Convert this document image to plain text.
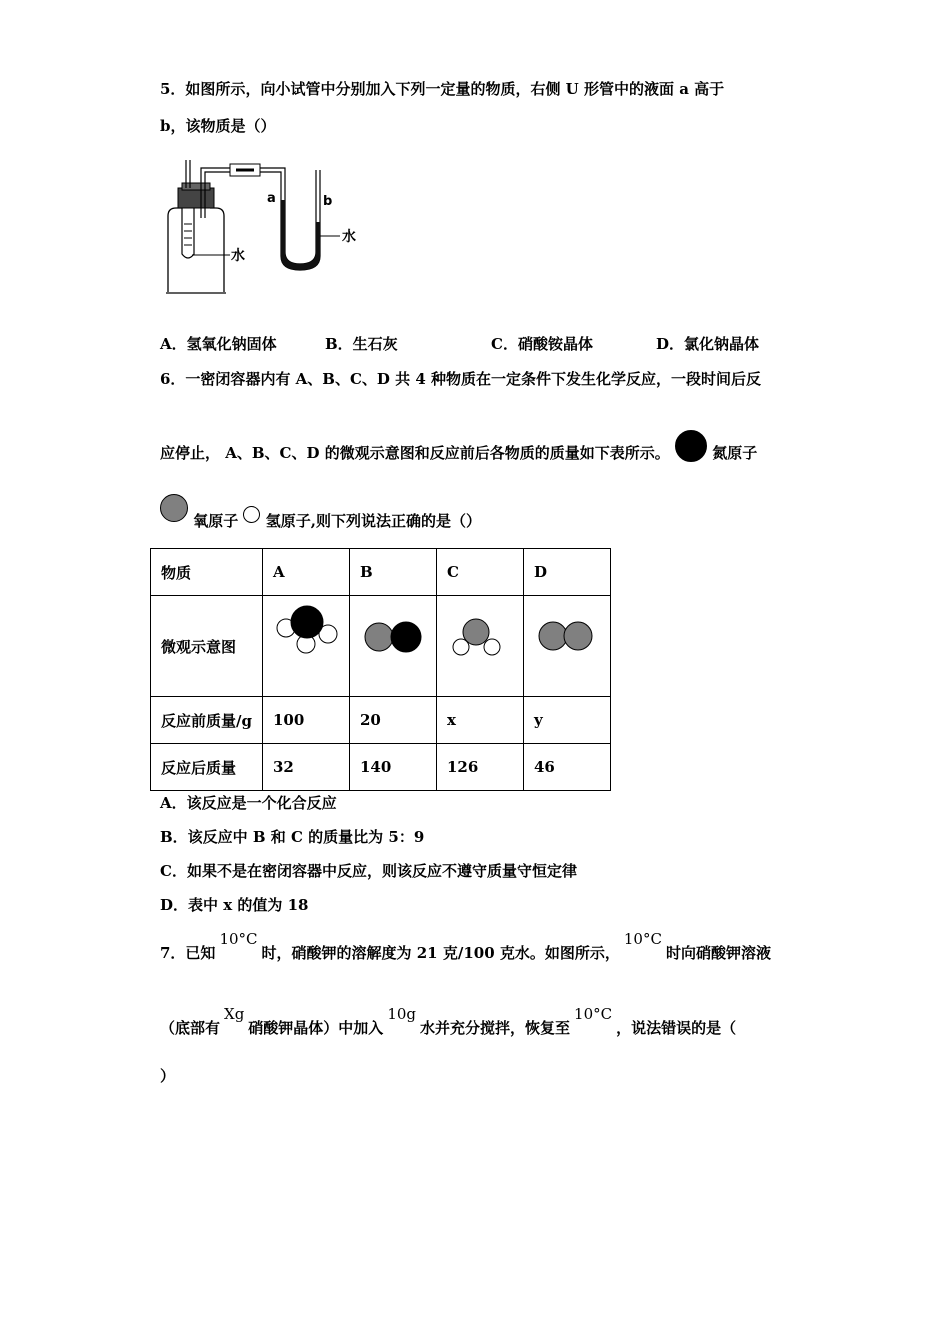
5．如图所示，向小试管中分别加入下列一定量的物质，右侧 U 形管中的液面 a 高于
b，该物质是（）
a	b
水
水
A．氢氧化钠固体	B．生石灰	C．硝酸铵晶体	D．氯化钠晶体
6．一密闭容器内有 A、B、C、D 共 4 种物质在一定条件下发生化学反应，一段时间后反
应停止， A、B、C、D 的微观示意图和反应前后各物质的质量如下表所示。	氮原子
氧原子 氢原子,则下列说法正确的是（）
物质	A	B	C	D
微观示意图				
反应前质量/g	100	20	x	y
反应后质量	32	140	126	46
A．该反应是一个化合反应
B．该反应中 B 和 C 的质量比为 5：9
C．如果不是在密闭容器中反应，则该反应不遵守质量守恒定律
D．表中 x 的值为 18
7．已知10°C时，硝酸钾的溶解度为 21 克/100 克水。如图所示，10°C时向硝酸钾溶液
（底部有Xg硝酸钾晶体）中加入10g水并充分搅拌，恢复至10°C，说法错误的是（
）
